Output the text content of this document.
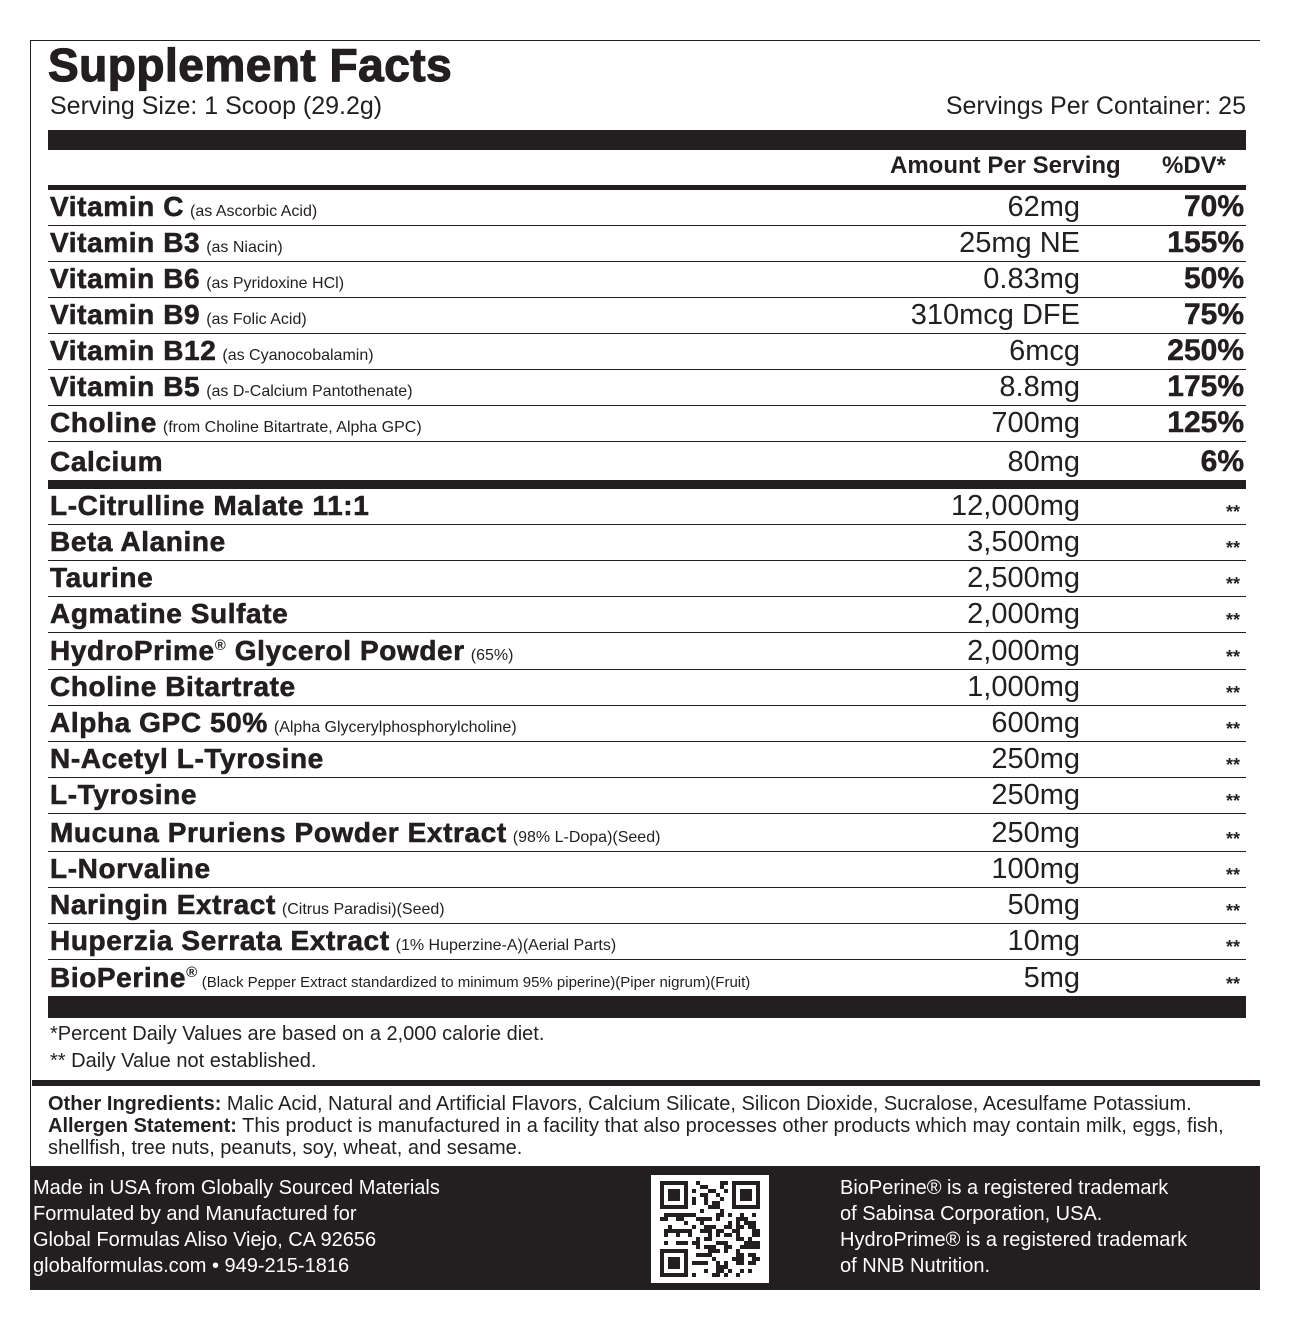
Supplement Facts
Serving Size: 1 Scoop (29.2g)	Servings Per Container: 25
Amount Per Serving %DV*
Vitamin C (as Ascorbic Acid)	62mg	70%
Vitamin B3 (as Niacin)	25mg NE	155%
Vitamin B6 (as Pyridoxine HCl)	0.83mg	50%
Vitamin B9 (as Folic Acid)	310mcg DFE	75%
Vitamin B12 (as Cyanocobalamin)	6mcg	250%
Vitamin B5 (as D-Calcium Pantothenate)	8.8mg	175%
Choline (from Choline Bitartrate, Alpha GPC)	700mg	125%
Calcium	80mg	6%
L-Citrulline Malate 11:1	12,000mg	**
Beta Alanine	3,500mg	**
Taurine	2,500mg	**
Agmatine Sulfate	2,000mg	**
HydroPrime® Glycerol Powder (65%)	2,000mg	**
Choline Bitartrate	1,000mg	**
Alpha GPC 50% (Alpha Glycerylphosphorylcholine)	600mg	**
N-Acetyl L-Tyrosine	250mg	**
L-Tyrosine	250mg	**
Mucuna Pruriens Powder Extract (98% L-Dopa)(Seed)	250mg	**
L-Norvaline	100mg	**
Naringin Extract (Citrus Paradisi)(Seed)	50mg	**
Huperzia Serrata Extract (1% Huperzine-A)(Aerial Parts)	10mg	**
BioPerine®(Black Pepper Extract standardized to minimum 95% piperine)(Piper nigrum)(Fruit)	5mg	**
*Percent Daily Values are based on a 2,000 calorie diet.
** Daily Value not established.
Other Ingredients: Malic Acid, Natural and Artificial Flavors, Calcium Silicate, Silicon Dioxide, Sucralose, Acesulfame Potassium. Allergen Statement: This product is manufactured in a facility that also processes other products which may contain milk, eggs, fish, shellfish, tree nuts, peanuts, soy, wheat, and sesame.
Made in USA from Globally Sourced Materials
Formulated by and Manufactured for
Global Formulas Aliso Viejo, CA 92656
globalformulas.com • 949-215-1816
BioPerine® is a registered trademark
of Sabinsa Corporation, USA.
HydroPrime® is a registered trademark
of NNB Nutrition.
